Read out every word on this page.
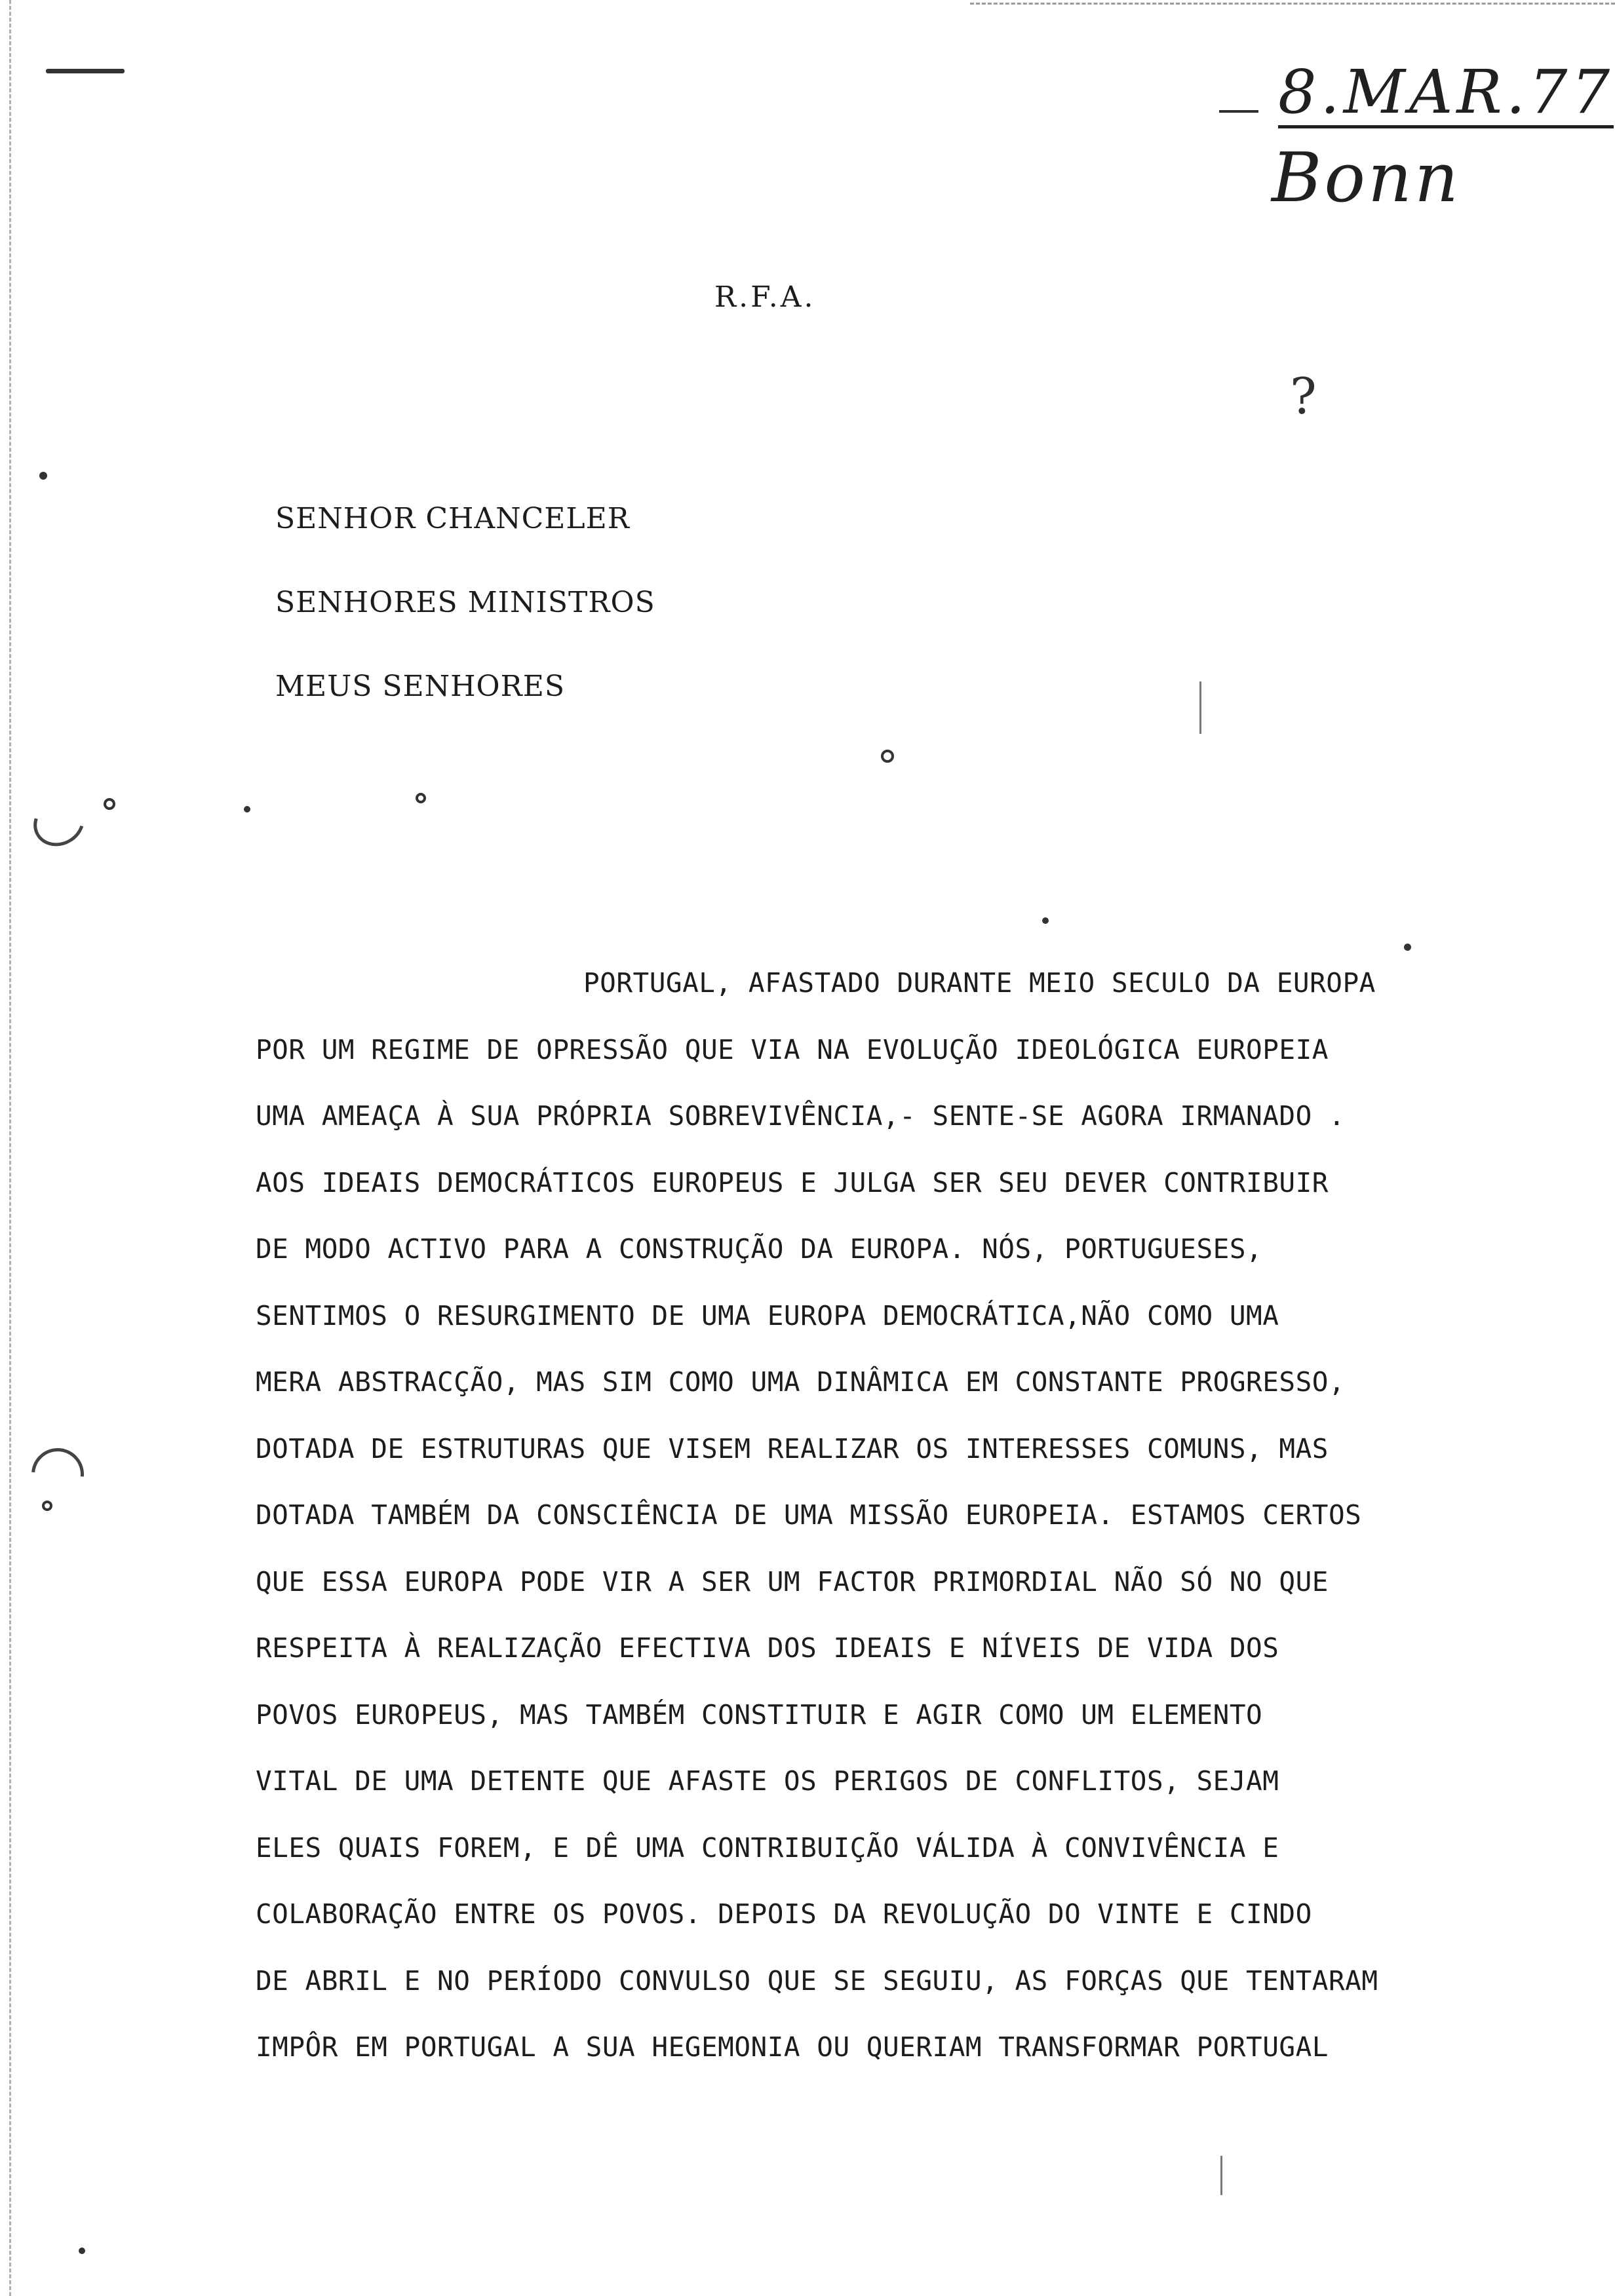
8.MAR.77
Bonn
?
R.F.A.
SENHOR CHANCELER
SENHORES MINISTROS
MEUS SENHORES
PORTUGAL, AFASTADO DURANTE MEIO SECULO DA EUROPA
POR UM REGIME DE OPRESSÃO QUE VIA NA EVOLUÇÃO IDEOLÓGICA EUROPEIA
UMA AMEAÇA À SUA PRÓPRIA SOBREVIVÊNCIA,- SENTE-SE AGORA IRMANADO .
AOS IDEAIS DEMOCRÁTICOS EUROPEUS E JULGA SER SEU DEVER CONTRIBUIR
DE MODO ACTIVO PARA A CONSTRUÇÃO DA EUROPA. NÓS, PORTUGUESES,
SENTIMOS O RESURGIMENTO DE UMA EUROPA DEMOCRÁTICA,NÃO COMO UMA
MERA ABSTRACÇÃO, MAS SIM COMO UMA DINÂMICA EM CONSTANTE PROGRESSO,
DOTADA DE ESTRUTURAS QUE VISEM REALIZAR OS INTERESSES COMUNS, MAS
DOTADA TAMBÉM DA CONSCIÊNCIA DE UMA MISSÃO EUROPEIA. ESTAMOS CERTOS
QUE ESSA EUROPA PODE VIR A SER UM FACTOR PRIMORDIAL NÃO SÓ NO QUE
RESPEITA À REALIZAÇÃO EFECTIVA DOS IDEAIS E NÍVEIS DE VIDA DOS
POVOS EUROPEUS, MAS TAMBÉM CONSTITUIR E AGIR COMO UM ELEMENTO
VITAL DE UMA DETENTE QUE AFASTE OS PERIGOS DE CONFLITOS, SEJAM
ELES QUAIS FOREM, E DÊ UMA CONTRIBUIÇÃO VÁLIDA À CONVIVÊNCIA E
COLABORAÇÃO ENTRE OS POVOS. DEPOIS DA REVOLUÇÃO DO VINTE E CINDO
DE ABRIL E NO PERÍODO CONVULSO QUE SE SEGUIU, AS FORÇAS QUE TENTARAM
IMPÔR EM PORTUGAL A SUA HEGEMONIA OU QUERIAM TRANSFORMAR PORTUGAL
